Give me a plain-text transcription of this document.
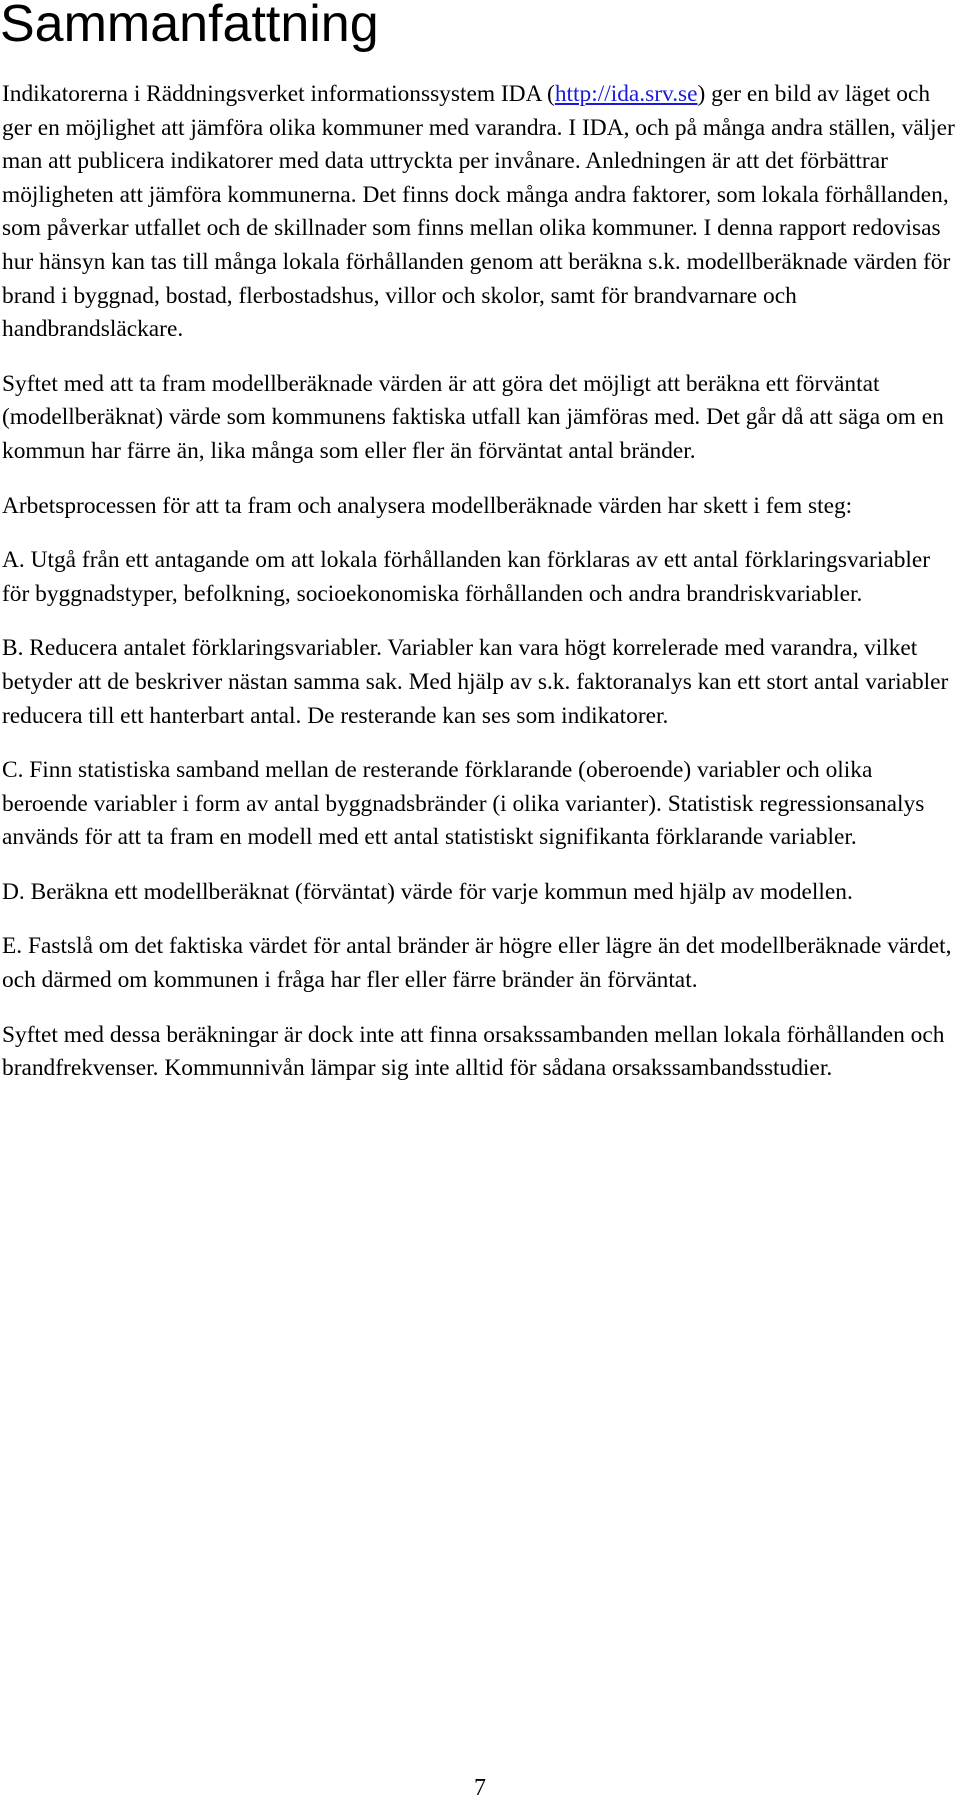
Sammanfattning

Indikatorerna i Räddningsverket informationssystem IDA (http://ida.srv.se) ger en bild av läget och ger en möjlighet att jämföra olika kommuner med varandra. I IDA, och på många andra ställen, väljer man att publicera indikatorer med data uttryckta per invånare. Anledningen är att det förbättrar möjligheten att jämföra kommunerna. Det finns dock många andra faktorer, som lokala förhållanden, som påverkar utfallet och de skillnader som finns mellan olika kommuner. I denna rapport redovisas hur hänsyn kan tas till många lokala förhållanden genom att beräkna s.k. modellberäknade värden för brand i byggnad, bostad, flerbostadshus, villor och skolor, samt för brandvarnare och handbrandsläckare.

Syftet med att ta fram modellberäknade värden är att göra det möjligt att beräkna ett förväntat (modellberäknat) värde som kommunens faktiska utfall kan jämföras med. Det går då att säga om en kommun har färre än, lika många som eller fler än förväntat antal bränder.

Arbetsprocessen för att ta fram och analysera modellberäknade värden har skett i fem steg:

A. Utgå från ett antagande om att lokala förhållanden kan förklaras av ett antal förklaringsvariabler för byggnadstyper, befolkning, socioekonomiska förhållanden och andra brandriskvariabler.

B. Reducera antalet förklaringsvariabler. Variabler kan vara högt korrelerade med varandra, vilket betyder att de beskriver nästan samma sak. Med hjälp av s.k. faktoranalys kan ett stort antal variabler reducera till ett hanterbart antal. De resterande kan ses som indikatorer.

C. Finn statistiska samband mellan de resterande förklarande (oberoende) variabler och olika beroende variabler i form av antal byggnadsbränder (i olika varianter). Statistisk regressionsanalys används för att ta fram en modell med ett antal statistiskt signifikanta förklarande variabler.

D. Beräkna ett modellberäknat (förväntat) värde för varje kommun med hjälp av modellen.

E. Fastslå om det faktiska värdet för antal bränder är högre eller lägre än det modellberäknade värdet, och därmed om kommunen i fråga har fler eller färre bränder än förväntat.

Syftet med dessa beräkningar är dock inte att finna orsakssambanden mellan lokala förhållanden och brandfrekvenser. Kommunnivån lämpar sig inte alltid för sådana orsakssambandsstudier.

7
